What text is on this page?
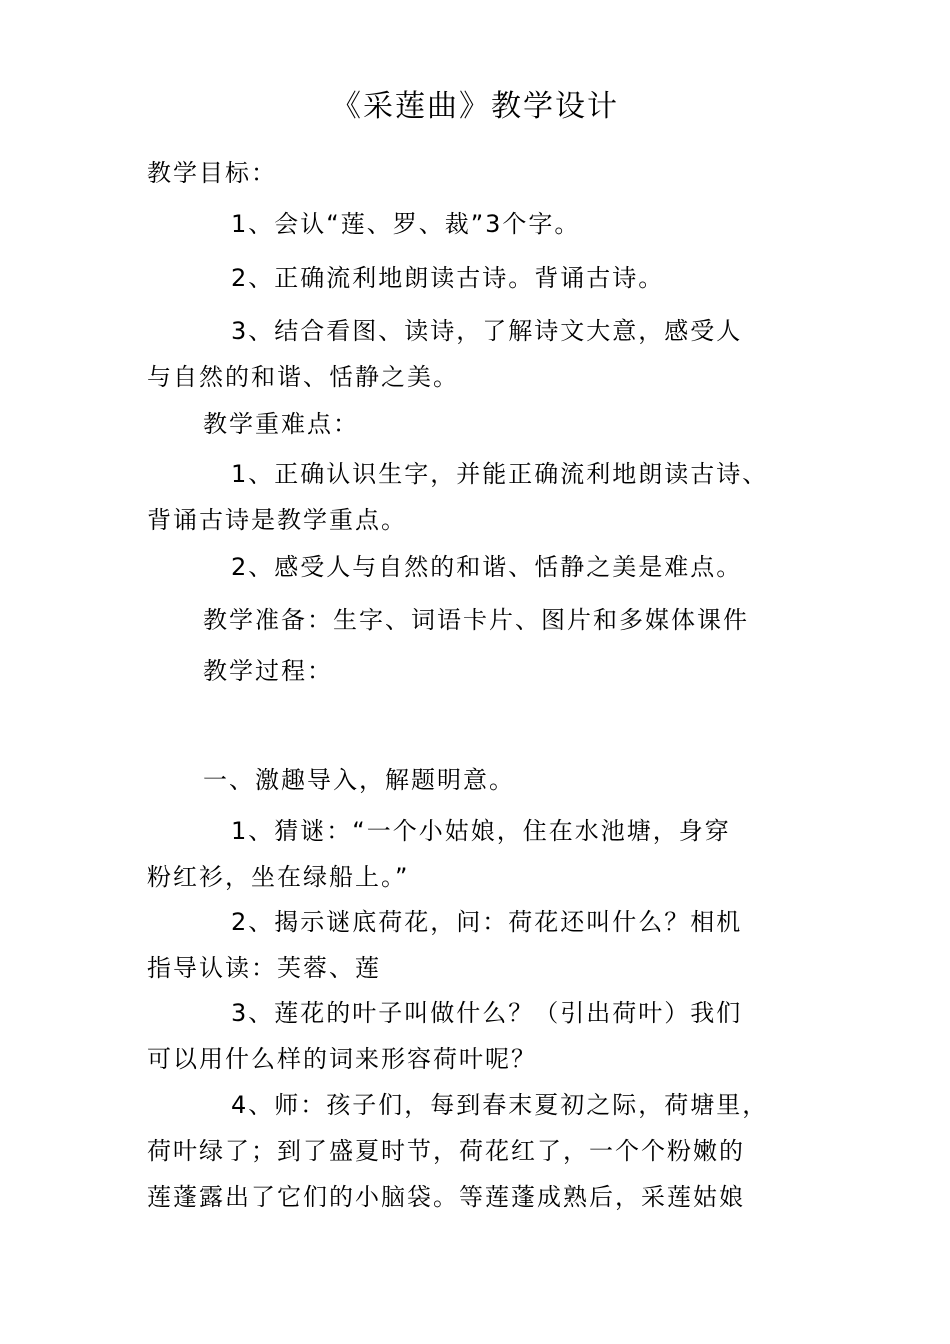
《采莲曲》教学设计
教学目标：
1、会认“莲、罗、裁”3个字。
2、正确流利地朗读古诗。背诵古诗。
3、结合看图、读诗，了解诗文大意，感受人
与自然的和谐、恬静之美。
教学重难点：
1、正确认识生字，并能正确流利地朗读古诗、
背诵古诗是教学重点。
2、感受人与自然的和谐、恬静之美是难点。
教学准备：生字、词语卡片、图片和多媒体课件
教学过程：
一、激趣导入，解题明意。
1、猜谜：“一个小姑娘，住在水池塘，身穿
粉红衫，坐在绿船上。”
2、揭示谜底荷花，问：荷花还叫什么？相机
指导认读：芙蓉、莲
3、莲花的叶子叫做什么？（引出荷叶）我们
可以用什么样的词来形容荷叶呢？
4、师：孩子们，每到春末夏初之际，荷塘里，
荷叶绿了；到了盛夏时节，荷花红了，一个个粉嫩的
莲蓬露出了它们的小脑袋。等莲蓬成熟后，采莲姑娘
